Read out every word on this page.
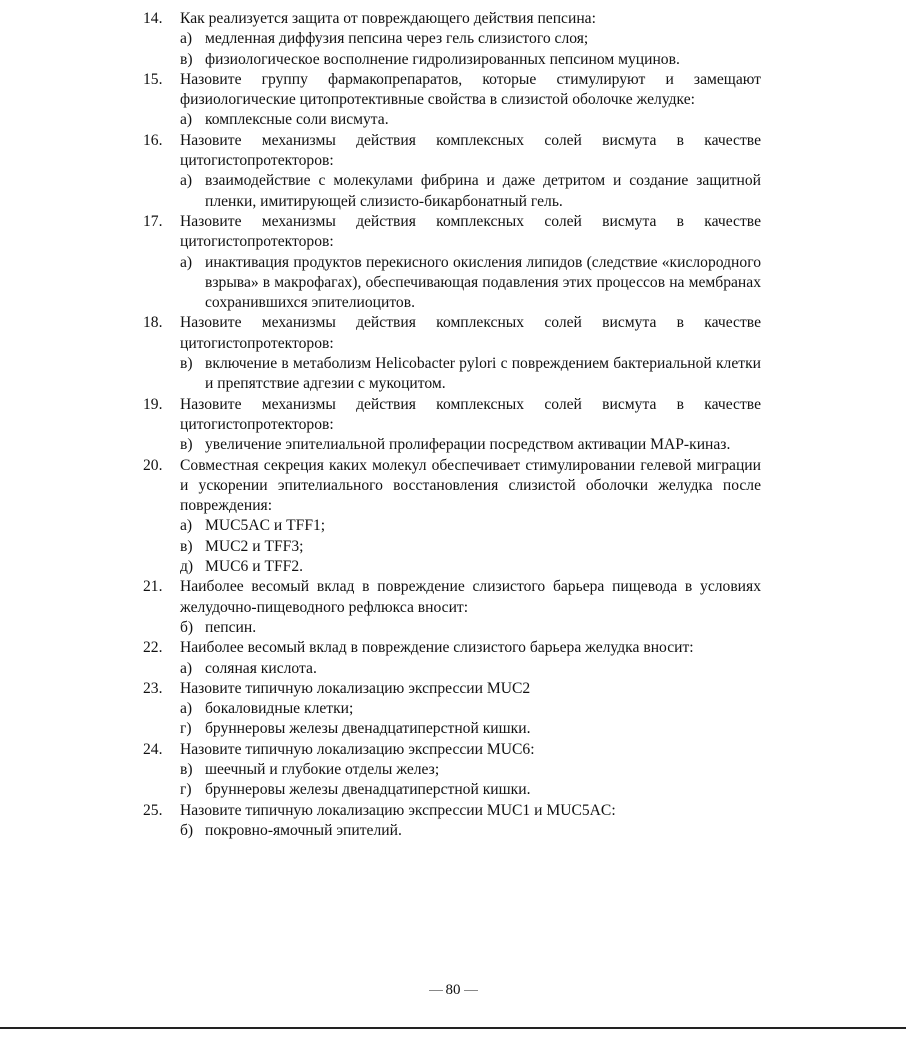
14.	Как реализуется защита от повреждающего действия пепсина:
а) медленная диффузия пепсина через гель слизистого слоя;
в) физиологическое восполнение гидролизированных пепсином муцинов.
15.	Назовите группу фармакопрепаратов, которые стимулируют и замещают физиологические цитопротективные свойства в слизистой оболочке желудке:
а) комплексные соли висмута.
16.	Назовите механизмы действия комплексных солей висмута в качестве цитогистопротекторов:
а) взаимодействие с молекулами фибрина и даже детритом и создание защитной пленки, имитирующей слизисто-бикарбонатный гель.
17.	Назовите механизмы действия комплексных солей висмута в качестве цитогистопротекторов:
а) инактивация продуктов перекисного окисления липидов (следствие «кислородного взрыва» в макрофагах), обеспечивающая подавления этих процессов на мембранах сохранившихся эпителиоцитов.
18.	Назовите механизмы действия комплексных солей висмута в качестве цитогистопротекторов:
в) включение в метаболизм Helicobacter pylori с повреждением бактериальной клетки и препятствие адгезии с мукоцитом.
19.	Назовите механизмы действия комплексных солей висмута в качестве цитогистопротекторов:
в) увеличение эпителиальной пролиферации посредством активации MAP-киназ.
20.	Совместная секреция каких молекул обеспечивает стимулировании гелевой миграции и ускорении эпителиального восстановления слизистой оболочки желудка после повреждения:
а) MUC5AC и TFF1;
в) MUC2 и TFF3;
д) MUC6 и TFF2.
21.	Наиболее весомый вклад в повреждение слизистого барьера пищевода в условиях желудочно-пищеводного рефлюкса вносит:
б) пепсин.
22.	Наиболее весомый вклад в повреждение слизистого барьера желудка вносит:
а) соляная кислота.
23.	Назовите типичную локализацию экспрессии MUC2
а) бокаловидные клетки;
г) бруннеровы железы двенадцатиперстной кишки.
24.	Назовите типичную локализацию экспрессии MUC6:
в) шеечный и глубокие отделы желез;
г) бруннеровы железы двенадцатиперстной кишки.
25.	Назовите типичную локализацию экспрессии MUC1 и MUC5AC:
б) покровно-ямочный эпителий.
80
